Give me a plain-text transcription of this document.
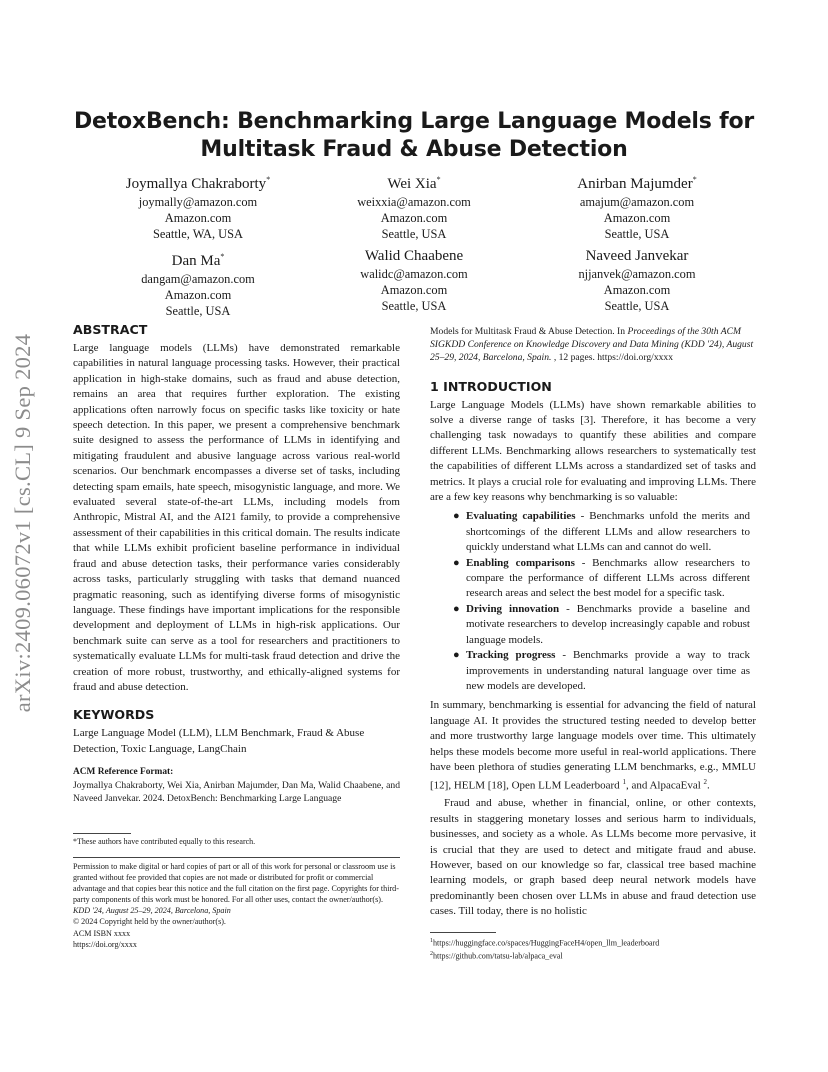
arXiv:2409.06072v1 [cs.CL] 9 Sep 2024
DetoxBench: Benchmarking Large Language Models for
Multitask Fraud & Abuse Detection
Joymallya Chakraborty*
joymally@amazon.com
Amazon.com
Seattle, WA, USA
Wei Xia*
weixxia@amazon.com
Amazon.com
Seattle, USA
Anirban Majumder*
amajum@amazon.com
Amazon.com
Seattle, USA
Dan Ma*
dangam@amazon.com
Amazon.com
Seattle, USA
Walid Chaabene
walidc@amazon.com
Amazon.com
Seattle, USA
Naveed Janvekar
njjanvek@amazon.com
Amazon.com
Seattle, USA
ABSTRACT

Large language models (LLMs) have demonstrated remarkable capabilities in natural language processing tasks. However, their practical application in high-stake domains, such as fraud and abuse detection, remains an area that requires further exploration. The existing applications often narrowly focus on specific tasks like toxicity or hate speech detection. In this paper, we present a comprehensive benchmark suite designed to assess the performance of LLMs in identifying and mitigating fraudulent and abusive language across various real-world scenarios. Our benchmark encompasses a diverse set of tasks, including detecting spam emails, hate speech, misogynistic language, and more. We evaluated several state-of-the-art LLMs, including models from Anthropic, Mistral AI, and the AI21 family, to provide a comprehensive assessment of their capabilities in this critical domain. The results indicate that while LLMs exhibit proficient baseline performance in individual fraud and abuse detection tasks, their performance varies considerably across tasks, particularly struggling with tasks that demand nuanced pragmatic reasoning, such as identifying diverse forms of misogynistic language. These findings have important implications for the responsible development and deployment of LLMs in high-risk applications. Our benchmark suite can serve as a tool for researchers and practitioners to systematically evaluate LLMs for multi-task fraud detection and drive the creation of more robust, trustworthy, and ethically-aligned systems for fraud and abuse detection.

KEYWORDS

Large Language Model (LLM), LLM Benchmark, Fraud & Abuse Detection, Toxic Language, LangChain

ACM Reference Format:

Joymallya Chakraborty, Wei Xia, Anirban Majumder, Dan Ma, Walid Chaabene, and Naveed Janvekar. 2024. DetoxBench: Benchmarking Large Language

*These authors have contributed equally to this research.

Permission to make digital or hard copies of part or all of this work for personal or classroom use is granted without fee provided that copies are not made or distributed for profit or commercial advantage and that copies bear this notice and the full citation on the first page. Copyrights for third-party components of this work must be honored. For all other uses, contact the owner/author(s).

KDD '24, August 25–29, 2024, Barcelona, Spain

© 2024 Copyright held by the owner/author(s).

ACM ISBN xxxx

https://doi.org/xxxx

Models for Multitask Fraud & Abuse Detection. In Proceedings of the 30th ACM SIGKDD Conference on Knowledge Discovery and Data Mining (KDD '24), August 25–29, 2024, Barcelona, Spain. , 12 pages. https://doi.org/xxxx

1 INTRODUCTION

Large Language Models (LLMs) have shown remarkable abilities to solve a diverse range of tasks [3]. Therefore, it has become a very challenging task nowadays to quantify these abilities and compare different LLMs. Benchmarking allows researchers to systematically test the capabilities of different LLMs across a standardized set of tasks and metrics. It plays a crucial role for evaluating and improving LLMs. There are a few key reasons why benchmarking is so valuable:

● Evaluating capabilities - Benchmarks unfold the merits and shortcomings of the different LLMs and allow researchers to quickly understand what LLMs can and cannot do well.
● Enabling comparisons - Benchmarks allow researchers to compare the performance of different LLMs across different research areas and select the best model for a specific task.
● Driving innovation - Benchmarks provide a baseline and motivate researchers to develop increasingly capable and robust language models.
● Tracking progress - Benchmarks provide a way to track improvements in understanding natural language over time as new models are developed.

In summary, benchmarking is essential for advancing the field of natural language AI. It provides the structured testing needed to develop better and more trustworthy large language models over time. This ultimately helps these models become more useful in real-world applications. There have been plethora of studies generating LLM benchmarks, e.g., MMLU [12], HELM [18], Open LLM Leaderboard $^1$, and AlpacaEval $^2$.

Fraud and abuse, whether in financial, online, or other contexts, results in staggering monetary losses and serious harm to individuals, businesses, and society as a whole. As LLMs become more pervasive, it is crucial that they are used to detect and mitigate fraud and abuse. However, based on our knowledge so far, classical tree based machine learning models, or graph based deep neural network models have predominantly been chosen over LLMs in abuse and fraud detection use cases. Till today, there is no holistic

$^1$https://huggingface.co/spaces/HuggingFaceH4/open_llm_leaderboard

$^2$https://github.com/tatsu-lab/alpaca_eval
